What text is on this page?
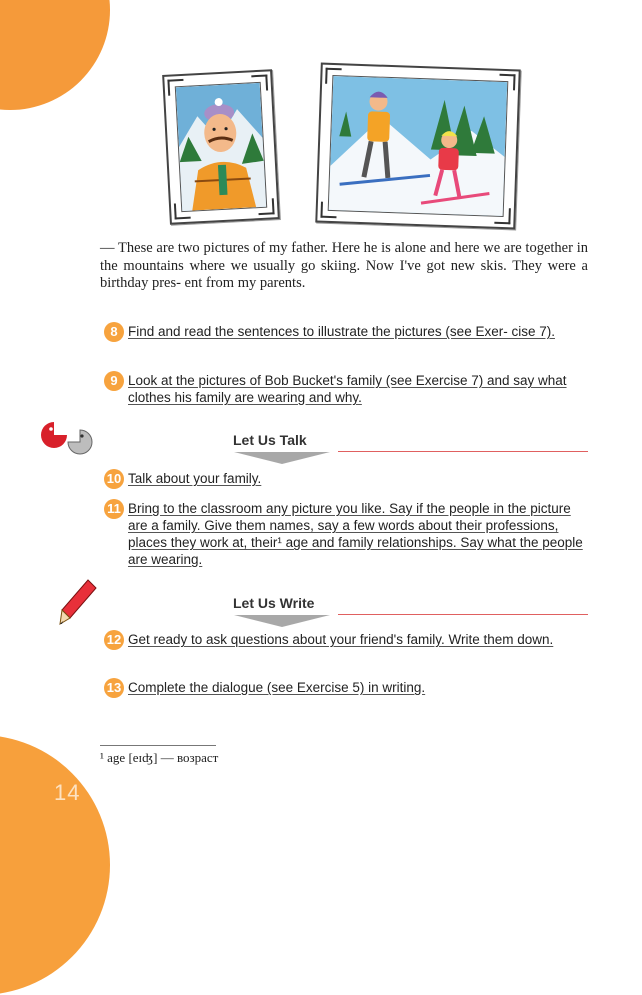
14
— These are two pictures of my father. Here he is alone and here we are together in the mountains where we usually go skiing. Now I've got new skis. They were a birthday pres- ent from my parents.
8 Find and read the sentences to illustrate the pictures (see Exer- cise 7).
9 Look at the pictures of Bob Bucket's family (see Exercise 7) and say what clothes his family are wearing and why.
Let Us Talk
10 Talk about your family.
11 Bring to the classroom any picture you like. Say if the people in the picture are a family. Give them names, say a few words about their professions, places they work at, their¹ age and family relationships. Say what the people are wearing.
Let Us Write
12 Get ready to ask questions about your friend's family. Write them down.
13 Complete the dialogue (see Exercise 5) in writing.
¹ age [eɪʤ] — возраст
